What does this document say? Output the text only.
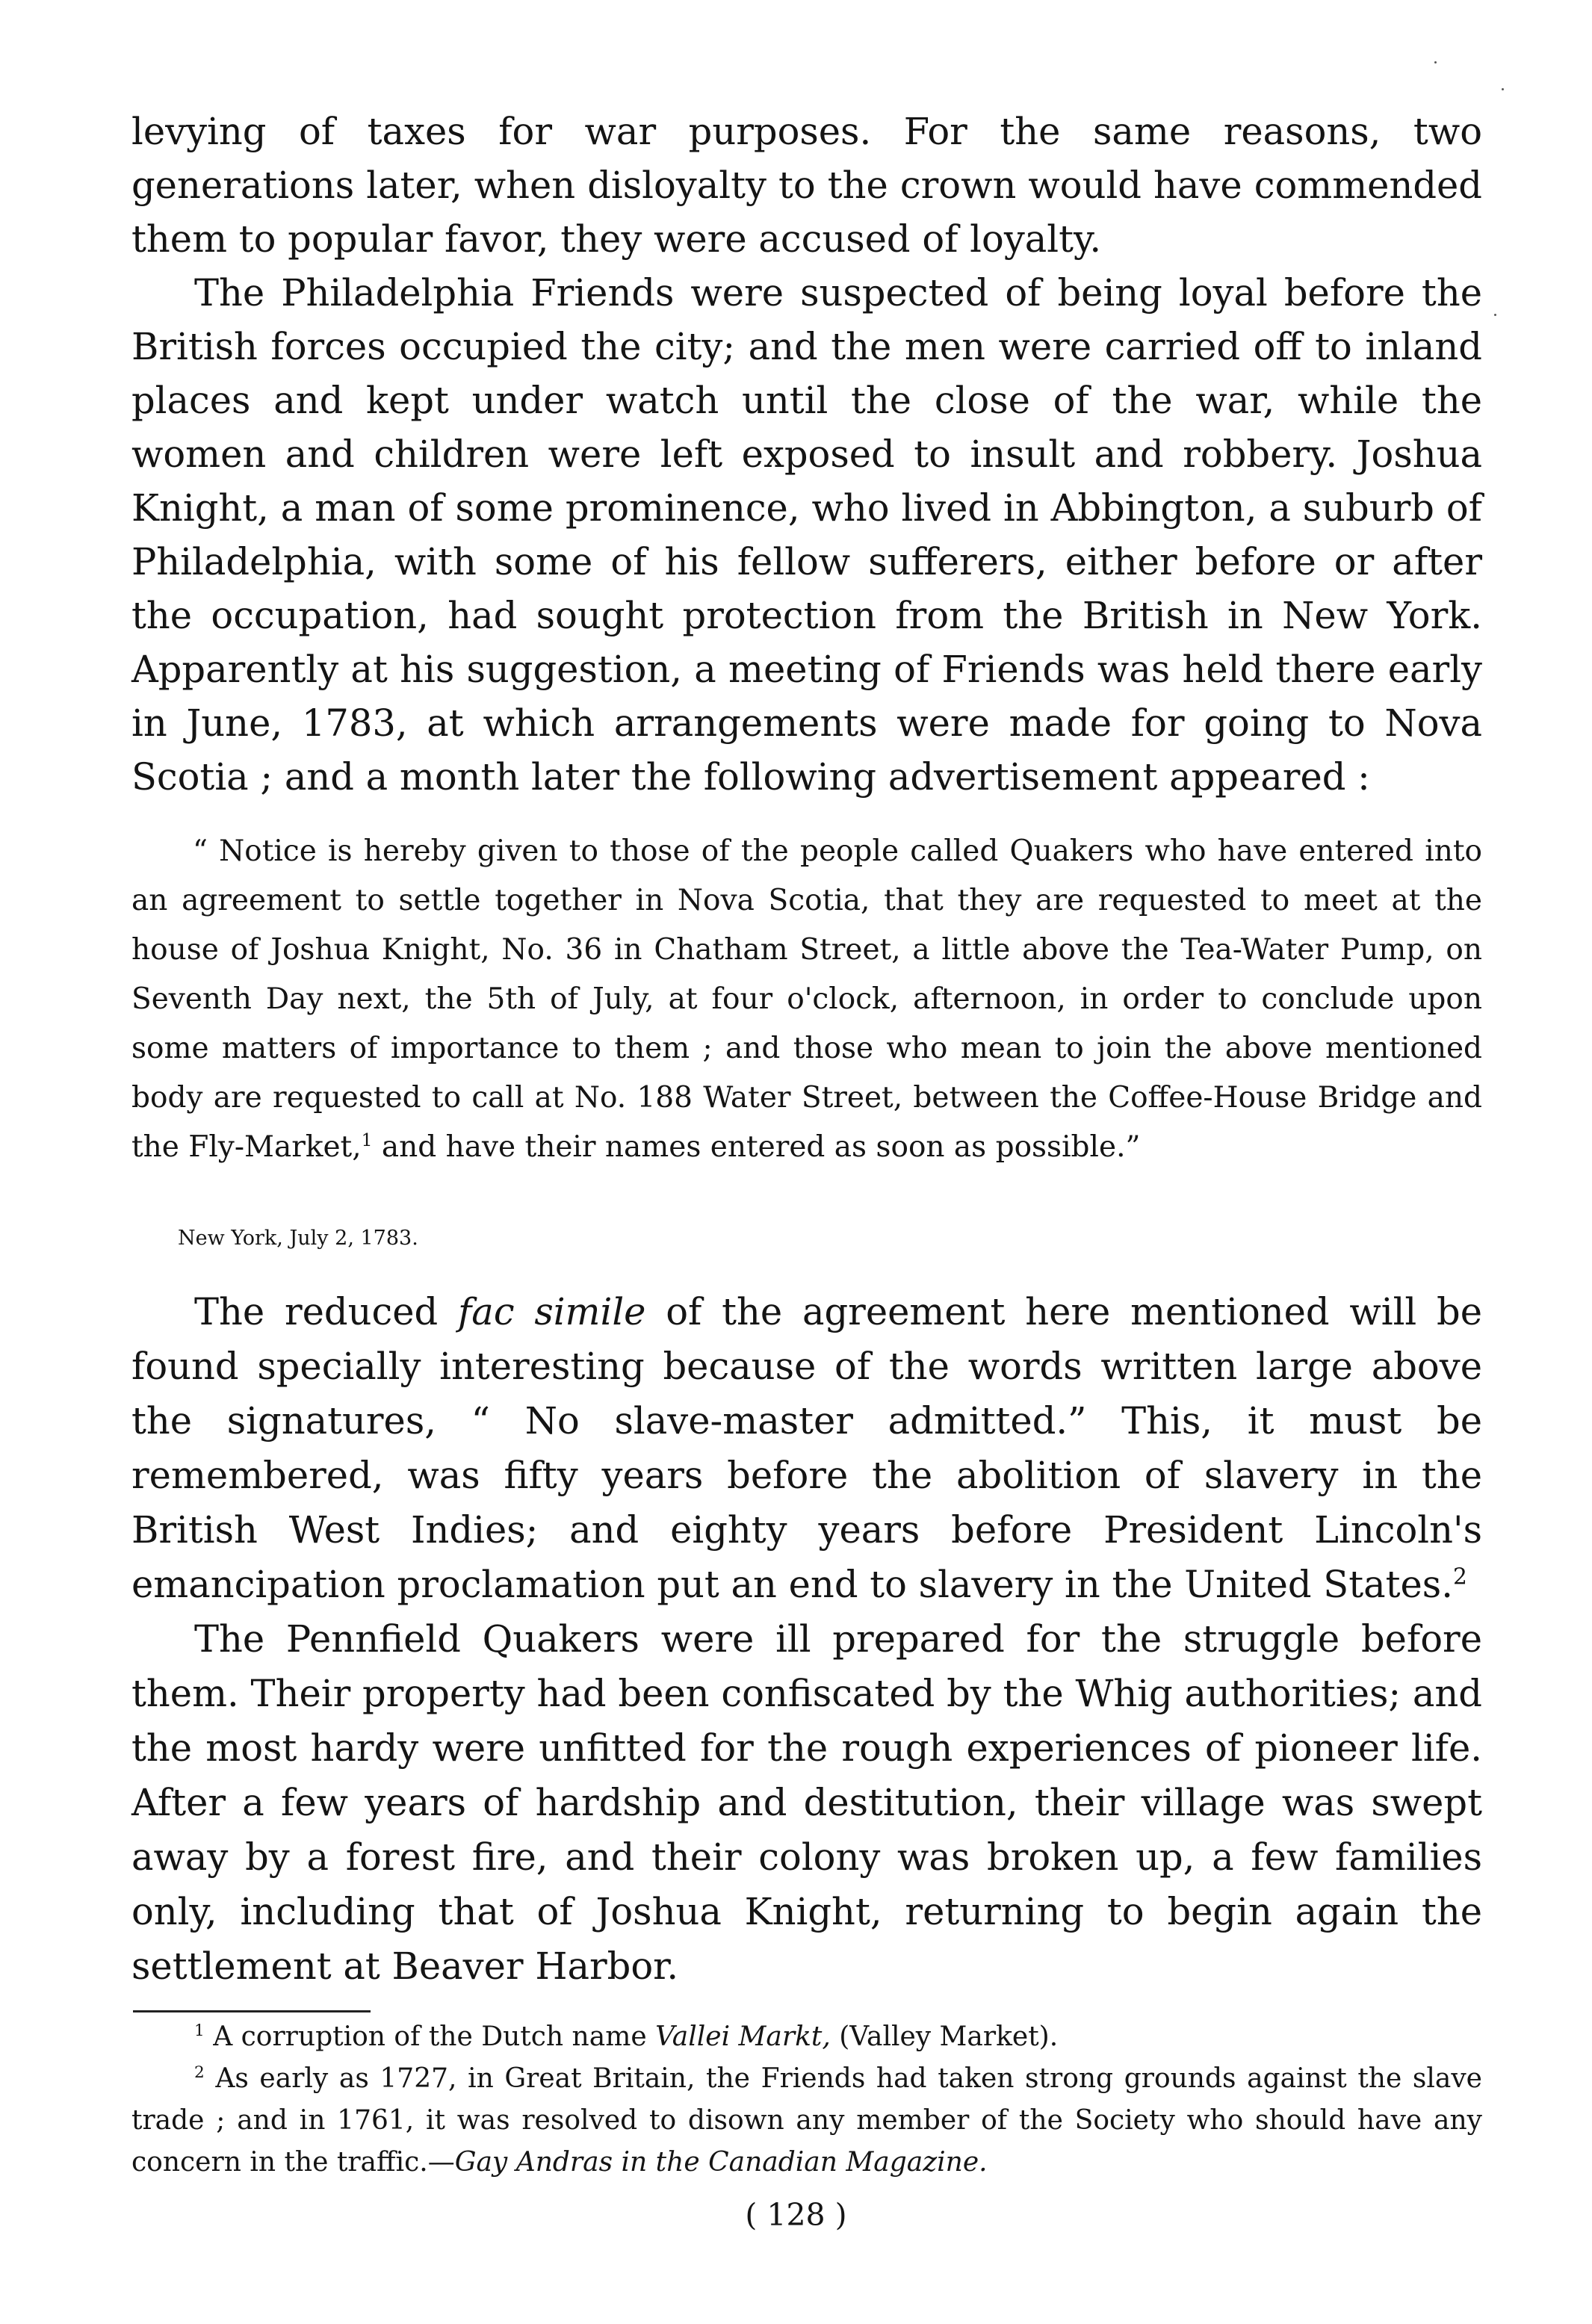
levying of taxes for war purposes. For the same reasons, two generations later, when disloyalty to the crown would have commended them to popular favor, they were accused of loyalty.

The Philadelphia Friends were suspected of being loyal before the British forces occupied the city; and the men were carried off to inland places and kept under watch until the close of the war, while the women and children were left exposed to insult and robbery. Joshua Knight, a man of some prominence, who lived in Abbington, a suburb of Philadelphia, with some of his fellow sufferers, either before or after the occupation, had sought protection from the British in New York. Apparently at his suggestion, a meeting of Friends was held there early in June, 1783, at which arrangements were made for going to Nova Scotia ; and a month later the following advertisement appeared :

“ Notice is hereby given to those of the people called Quakers who have entered into an agreement to settle together in Nova Scotia, that they are requested to meet at the house of Joshua Knight, No. 36 in Chatham Street, a little above the Tea-Water Pump, on Seventh Day next, the 5th of July, at four o'clock, afternoon, in order to conclude upon some matters of importance to them ; and those who mean to join the above mentioned body are requested to call at No. 188 Water Street, between the Coffee-House Bridge and the Fly-Market,$^1$ and have their names entered as soon as possible.”

New York, July 2, 1783.

The reduced fac simile of the agreement here mentioned will be found specially interesting because of the words written large above the signatures, “ No slave-master admitted.” This, it must be remembered, was fifty years before the abolition of slavery in the British West Indies; and eighty years before President Lincoln's emancipation proclamation put an end to slavery in the United States.$^2$

The Pennfield Quakers were ill prepared for the struggle before them. Their property had been confiscated by the Whig authorities; and the most hardy were unfitted for the rough experiences of pioneer life. After a few years of hardship and destitution, their village was swept away by a forest fire, and their colony was broken up, a few families only, including that of Joshua Knight, returning to begin again the settlement at Beaver Harbor.

$^1$ A corruption of the Dutch name Vallei Markt, (Valley Market).

$^2$ As early as 1727, in Great Britain, the Friends had taken strong grounds against the slave trade ; and in 1761, it was resolved to disown any member of the Society who should have any concern in the traffic.—Gay Andras in the Canadian Magazine.

( 128 )
